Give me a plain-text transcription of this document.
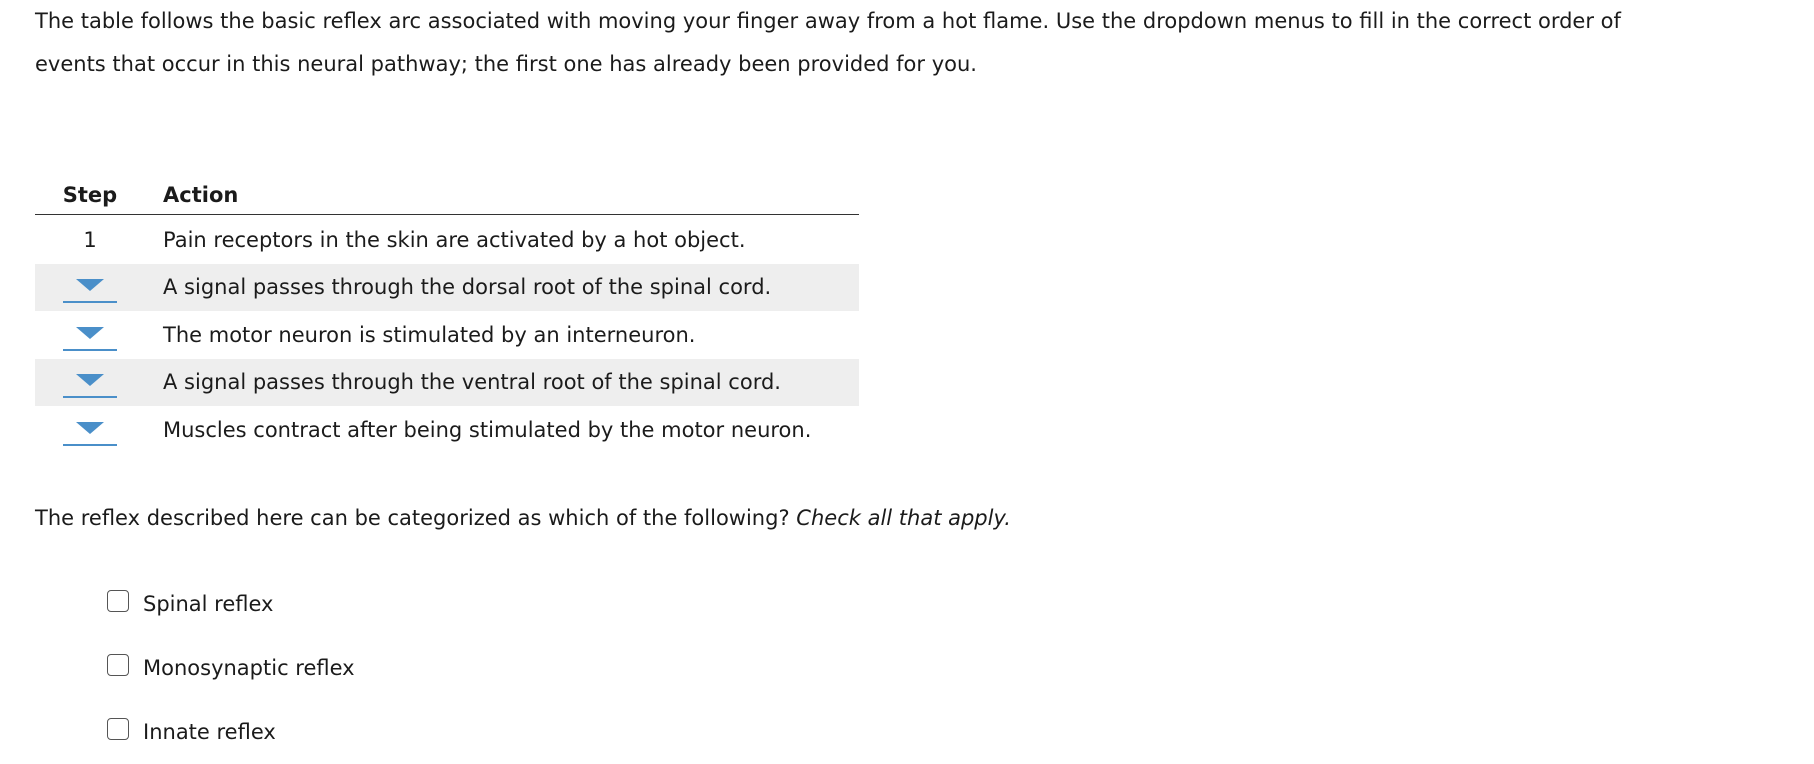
The table follows the basic reflex arc associated with moving your finger away from a hot flame. Use the dropdown menus to fill in the correct order of
events that occur in this neural pathway; the first one has already been provided for you.

Step	Action
1	Pain receptors in the skin are activated by a hot object.
A signal passes through the dorsal root of the spinal cord.
The motor neuron is stimulated by an interneuron.
A signal passes through the ventral root of the spinal cord.
Muscles contract after being stimulated by the motor neuron.

The reflex described here can be categorized as which of the following? Check all that apply.

Spinal reflex
Monosynaptic reflex
Innate reflex
